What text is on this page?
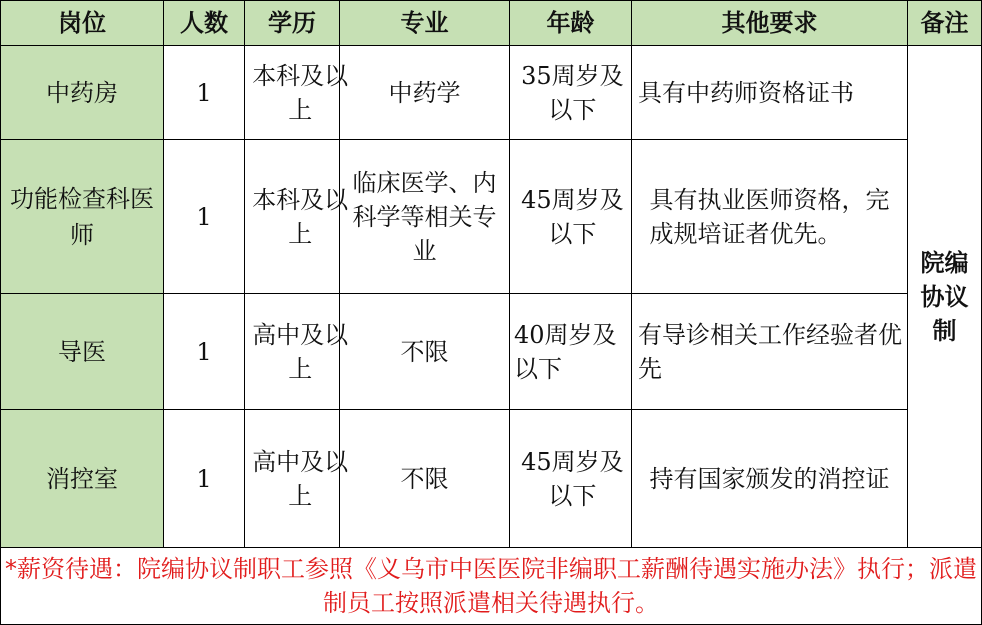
岗位	人数	学历	专业	年龄	其他要求	备注

中药房	1	本科及以上	中药学	35周岁及以下	具有中药师资格证书	院编协议制

功能检查科医师	1	本科及以上	临床医学、内科学等相关专业	45周岁及以下	具有执业医师资格，完成规培证者优先。	

导医	1	高中及以上	不限	40周岁及以下	有导诊相关工作经验者优先	

消控室	1	高中及以上	不限	45周岁及以下	持有国家颁发的消控证	

*薪资待遇：院编协议制职工参照《义乌市中医医院非编职工薪酬待遇实施办法》执行；派遣制员工按照派遣相关待遇执行。						
